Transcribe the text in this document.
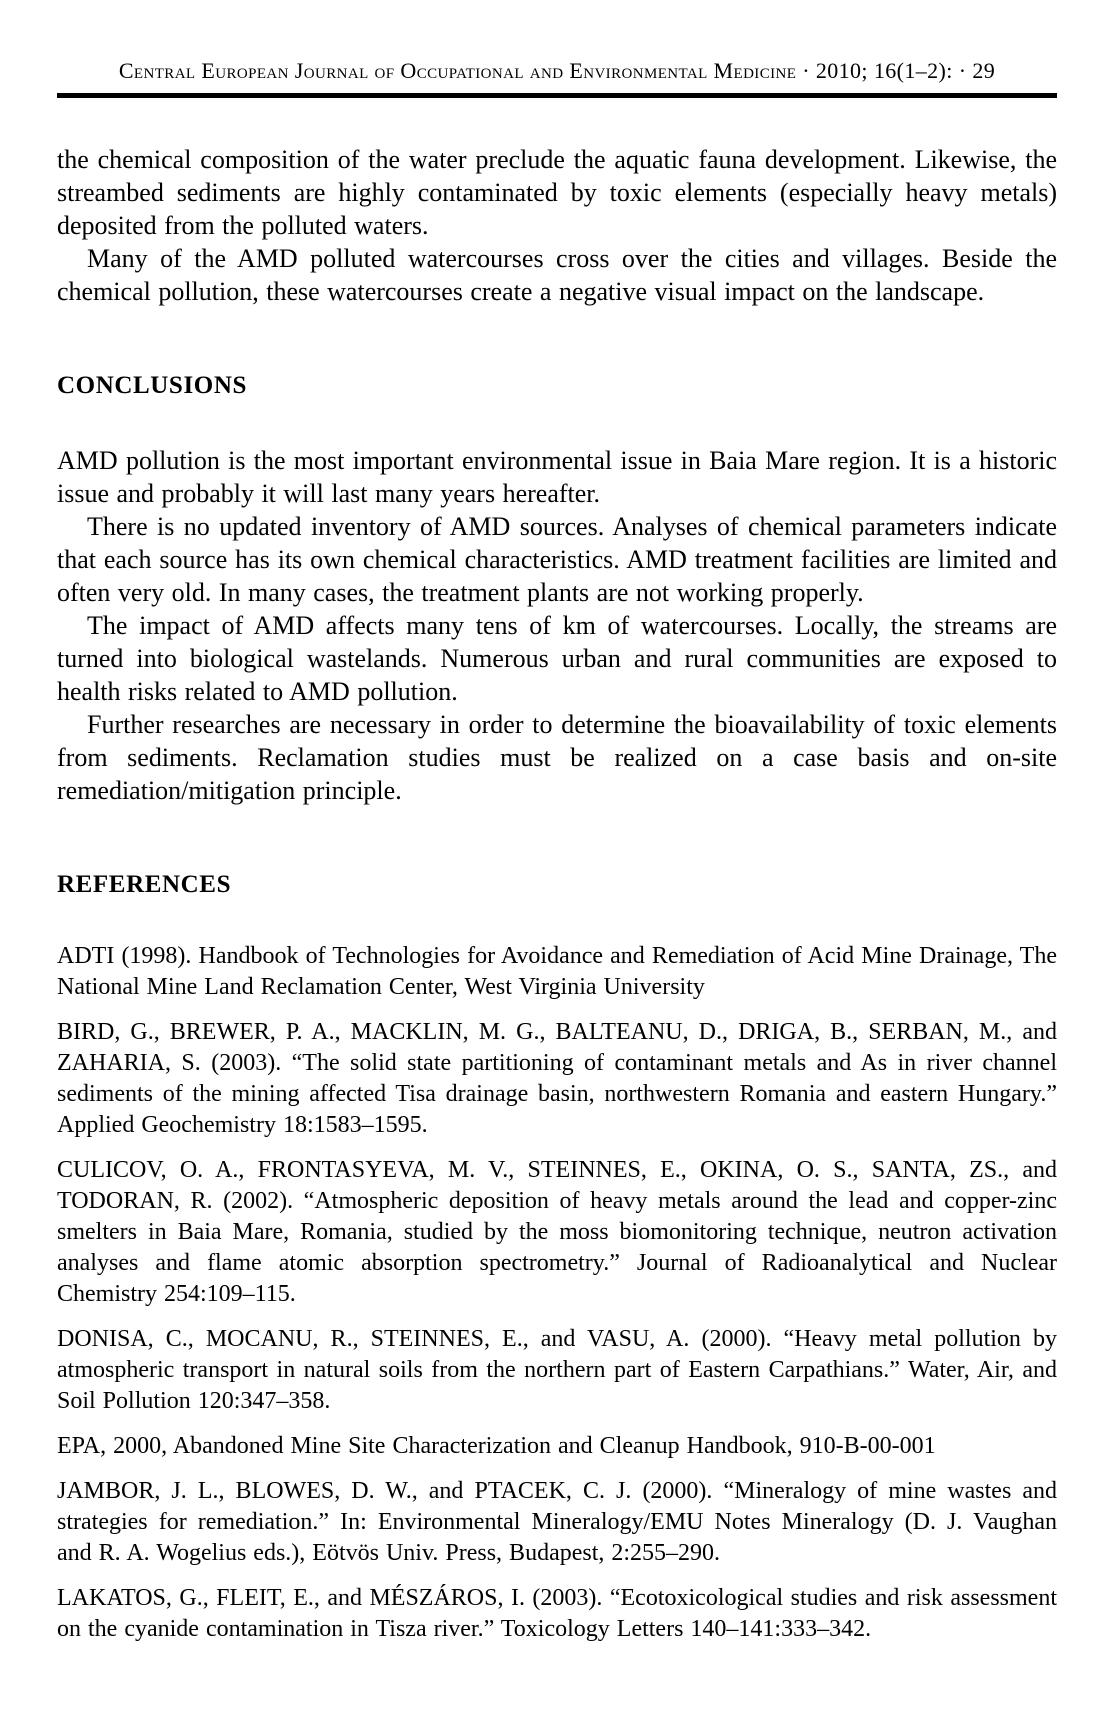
Central European Journal of Occupational and Environmental Medicine · 2010; 16(1–2): · 29

the chemical composition of the water preclude the aquatic fauna development. Likewise, the streambed sediments are highly contaminated by toxic elements (especially heavy metals) deposited from the polluted waters.

Many of the AMD polluted watercourses cross over the cities and villages. Beside the chemical pollution, these watercourses create a negative visual impact on the landscape.

CONCLUSIONS

AMD pollution is the most important environmental issue in Baia Mare region. It is a historic issue and probably it will last many years hereafter.

There is no updated inventory of AMD sources. Analyses of chemical parameters indicate that each source has its own chemical characteristics. AMD treatment facilities are limited and often very old. In many cases, the treatment plants are not working properly.

The impact of AMD affects many tens of km of watercourses. Locally, the streams are turned into biological wastelands. Numerous urban and rural communities are exposed to health risks related to AMD pollution.

Further researches are necessary in order to determine the bioavailability of toxic elements from sediments. Reclamation studies must be realized on a case basis and on-site remediation/mitigation principle.

REFERENCES

ADTI (1998). Handbook of Technologies for Avoidance and Remediation of Acid Mine Drainage, The National Mine Land Reclamation Center, West Virginia University

BIRD, G., BREWER, P. A., MACKLIN, M. G., BALTEANU, D., DRIGA, B., SERBAN, M., and ZAHARIA, S. (2003). “The solid state partitioning of contaminant metals and As in river channel sediments of the mining affected Tisa drainage basin, northwestern Romania and eastern Hungary.” Applied Geochemistry 18:1583–1595.

CULICOV, O. A., FRONTASYEVA, M. V., STEINNES, E., OKINA, O. S., SANTA, ZS., and TODORAN, R. (2002). “Atmospheric deposition of heavy metals around the lead and copper-zinc smelters in Baia Mare, Romania, studied by the moss biomonitoring technique, neutron activation analyses and flame atomic absorption spectrometry.” Journal of Radioanalytical and Nuclear Chemistry 254:109–115.

DONISA, C., MOCANU, R., STEINNES, E., and VASU, A. (2000). “Heavy metal pollution by atmospheric transport in natural soils from the northern part of Eastern Carpathians.” Water, Air, and Soil Pollution 120:347–358.

EPA, 2000, Abandoned Mine Site Characterization and Cleanup Handbook, 910-B-00-001

JAMBOR, J. L., BLOWES, D. W., and PTACEK, C. J. (2000). “Mineralogy of mine wastes and strategies for remediation.” In: Environmental Mineralogy/EMU Notes Mineralogy (D. J. Vaughan and R. A. Wogelius eds.), Eötvös Univ. Press, Budapest, 2:255–290.

LAKATOS, G., FLEIT, E., and MÉSZÁROS, I. (2003). “Ecotoxicological studies and risk assessment on the cyanide contamination in Tisza river.” Toxicology Letters 140–141:333–342.
